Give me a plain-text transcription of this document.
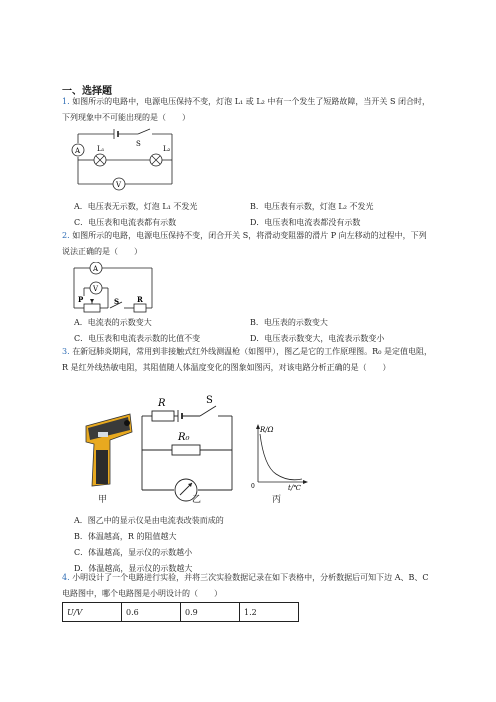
一、选择题

1. 如图所示的电路中，电源电压保持不变，灯泡 L₁ 或 L₂ 中有一个发生了短路故障，当开关 S 闭合时，下列现象中不可能出现的是（　　）

A
V
S
L₁	L₂
A．电压表无示数，灯泡 L₁ 不发光	B．电压表有示数，灯泡 L₂ 不发光
C．电压表和电流表都有示数	D．电压表和电流表都没有示数

2. 如图所示的电路，电源电压保持不变，闭合开关 S，将滑动变阻器的滑片 P 向左移动的过程中，下列说法正确的是（　　）

A
V
P	S	R
A．电流表的示数变大	B．电压表的示数变大
C．电压表和电流表示数的比值不变	D．电压表示数变大，电流表示数变小

3. 在新冠肺炎期间，常用到非接触式红外线测温枪（如图甲），图乙是它的工作原理图。R₀ 是定值电阻，R 是红外线热敏电阻，其阻值随人体温度变化的图象如图丙，对该电路分析正确的是（　　）

甲
R	S
R₀
乙
R/Ω
t/℃
0
丙
A．图乙中的显示仪是由电流表改装而成的
B．体温越高，R 的阻值越大
C．体温越高，显示仪的示数越小
D．体温越高，显示仪的示数越大

4. 小明设计了一个电路进行实验，并将三次实验数据记录在如下表格中，分析数据后可知下边 A、B、C 电路图中，哪个电路图是小明设计的（　　）

U/V	0.6	0.9	1.2
